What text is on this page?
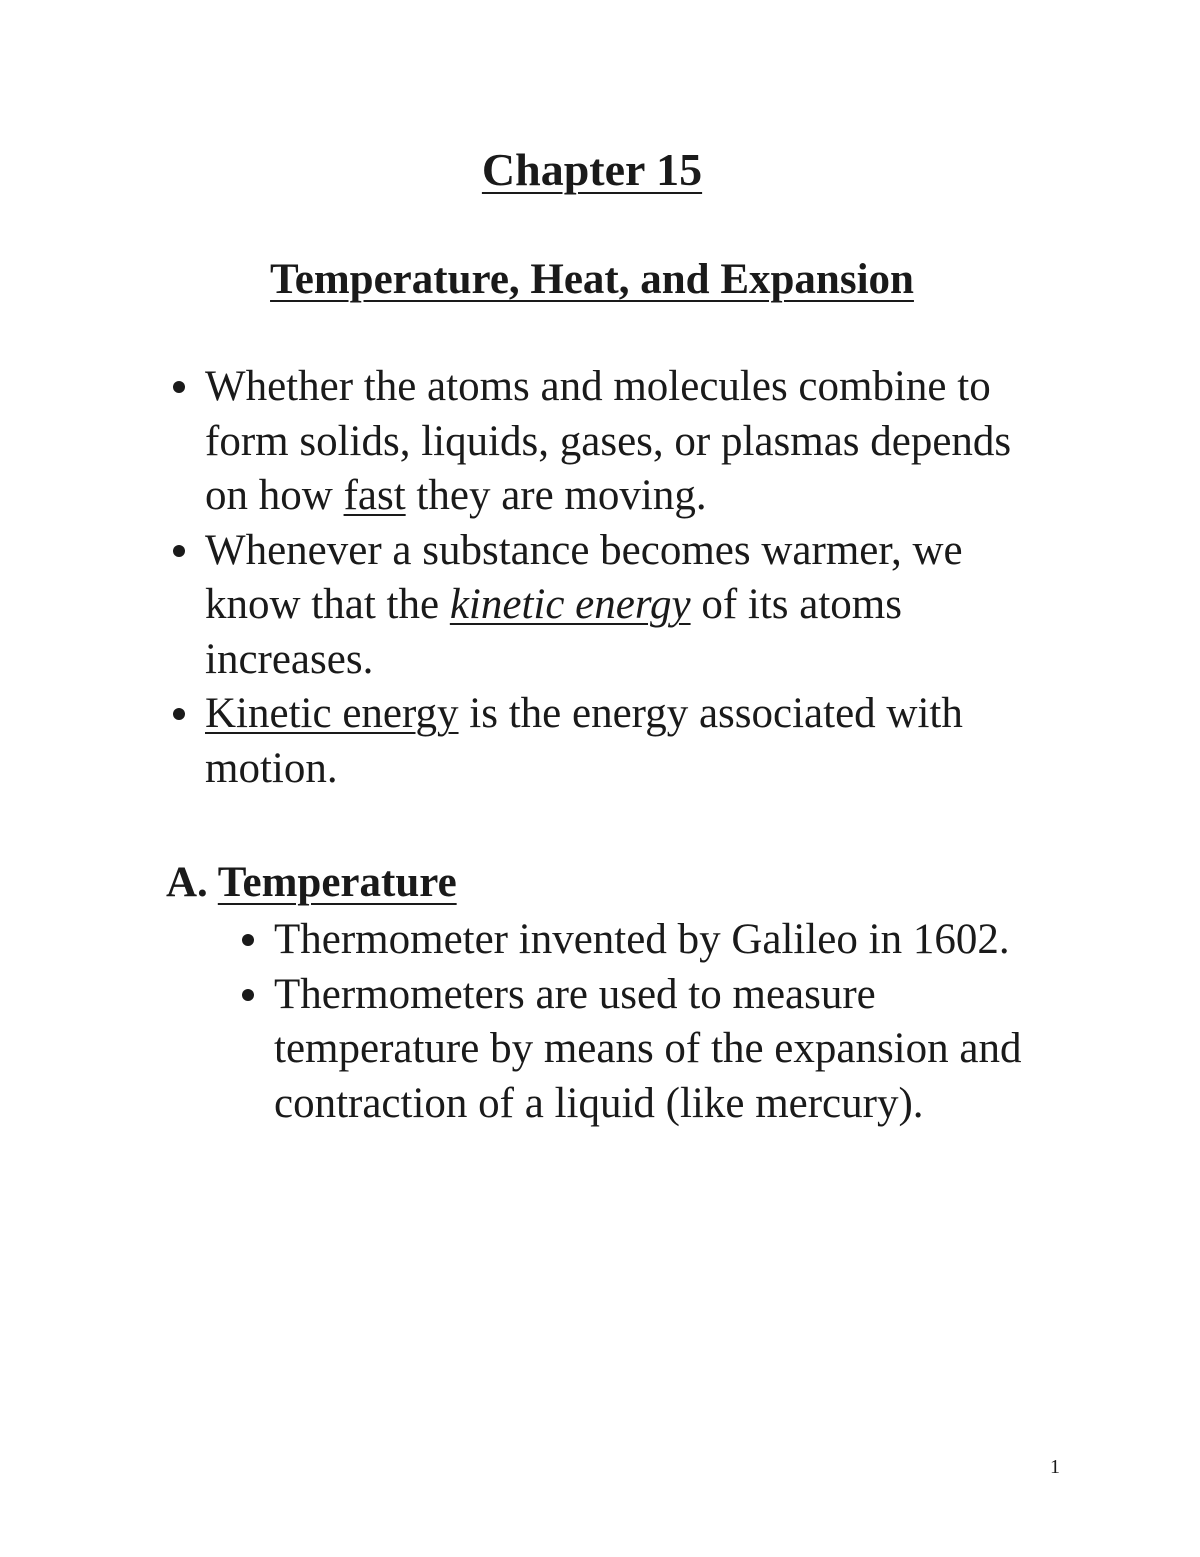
Chapter 15
Temperature, Heat, and Expansion
Whether the atoms and molecules combine to form solids, liquids, gases, or plasmas depends on how fast they are moving.
Whenever a substance becomes warmer, we know that the kinetic energy of its atoms increases.
Kinetic energy is the energy associated with motion.
A. Temperature
Thermometer invented by Galileo in 1602.
Thermometers are used to measure temperature by means of the expansion and contraction of a liquid (like mercury).
1
